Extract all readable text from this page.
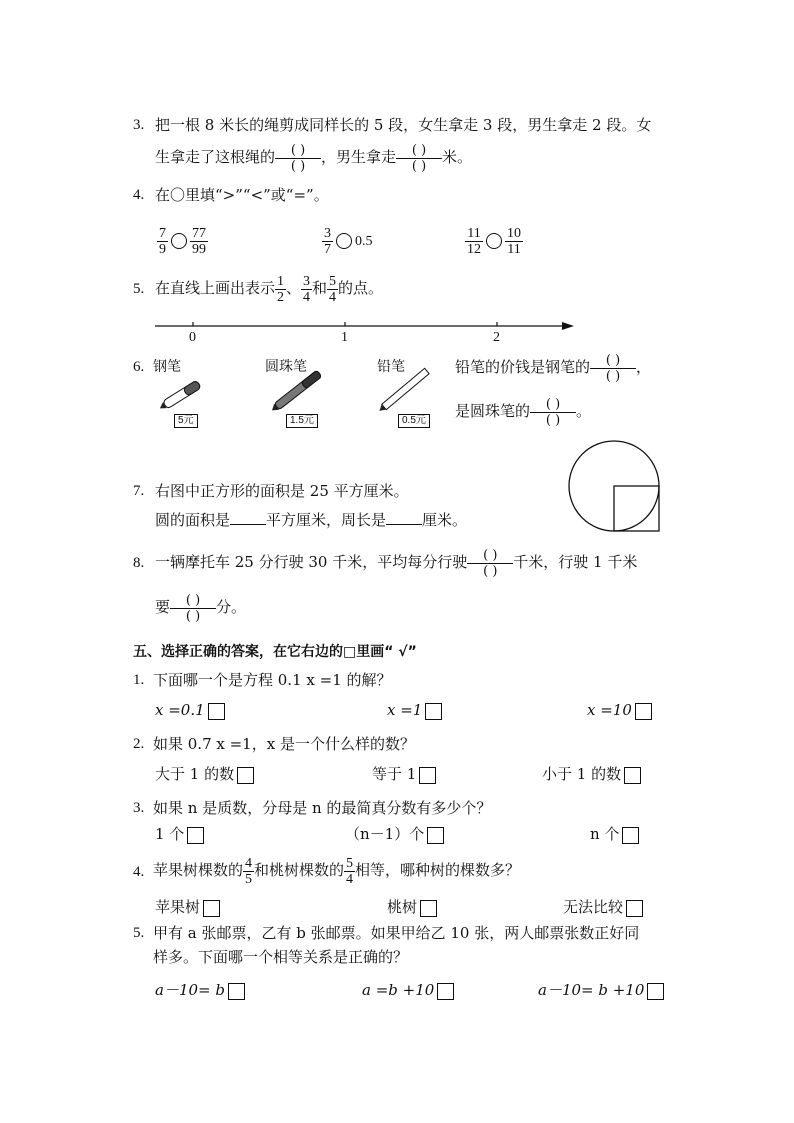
3. 把一根 8 米长的绳剪成同样长的 5 段，女生拿走 3 段，男生拿走 2 段。女
生拿走了这根绳的	( )
( )	，男生拿走	( )
( )	米。
4. 在〇里填“>”“<”或“=”。
$\frac{7}{9} \frac{77}{99}$	$\frac{3}{7} 0.5$	$\frac{11}{12} \frac{10}{11}$
5. 在直线上画出表示 $\frac{1}{2}$ 、 $\frac{3}{4}$ 和 $\frac{5}{4}$ 的点。
0	1	2
6. 钢笔
5元
圆珠笔
1.5元
铅笔
0.5元
铅笔的价钱是钢笔的	( )
( )	，
是圆珠笔的	( )
( )	。
7. 右图中正方形的面积是 25 平方厘米。
圆的面积是 平方厘米，周长是 厘米。
8. 一辆摩托车 25 分行驶 30 千米，平均每分行驶	( )
( )	千米，行驶 1 千米
要	( )
( )	分。
五、选择正确的答案，在它右边的□里画“ √”
1. 下面哪一个是方程 0.1 x =1 的解？
x =0.1	x =1	x =10
2. 如果 0.7 x =1，x 是一个什么样的数？
大于 1 的数	等于 1	小于 1 的数
3. 如果 n 是质数，分母是 n 的最简真分数有多少个？
1 个	（n－1）个	n 个
4. 苹果树棵数的 $\frac{4}{5}$ 和桃树棵数的 $\frac{5}{4}$ 相等，哪种树的棵数多？
苹果树	桃树	无法比较
5. 甲有 a 张邮票，乙有 b 张邮票。如果甲给乙 10 张，两人邮票张数正好同
样多。下面哪一个相等关系是正确的？
a－10= b	a =b +10	a－10= b +10
